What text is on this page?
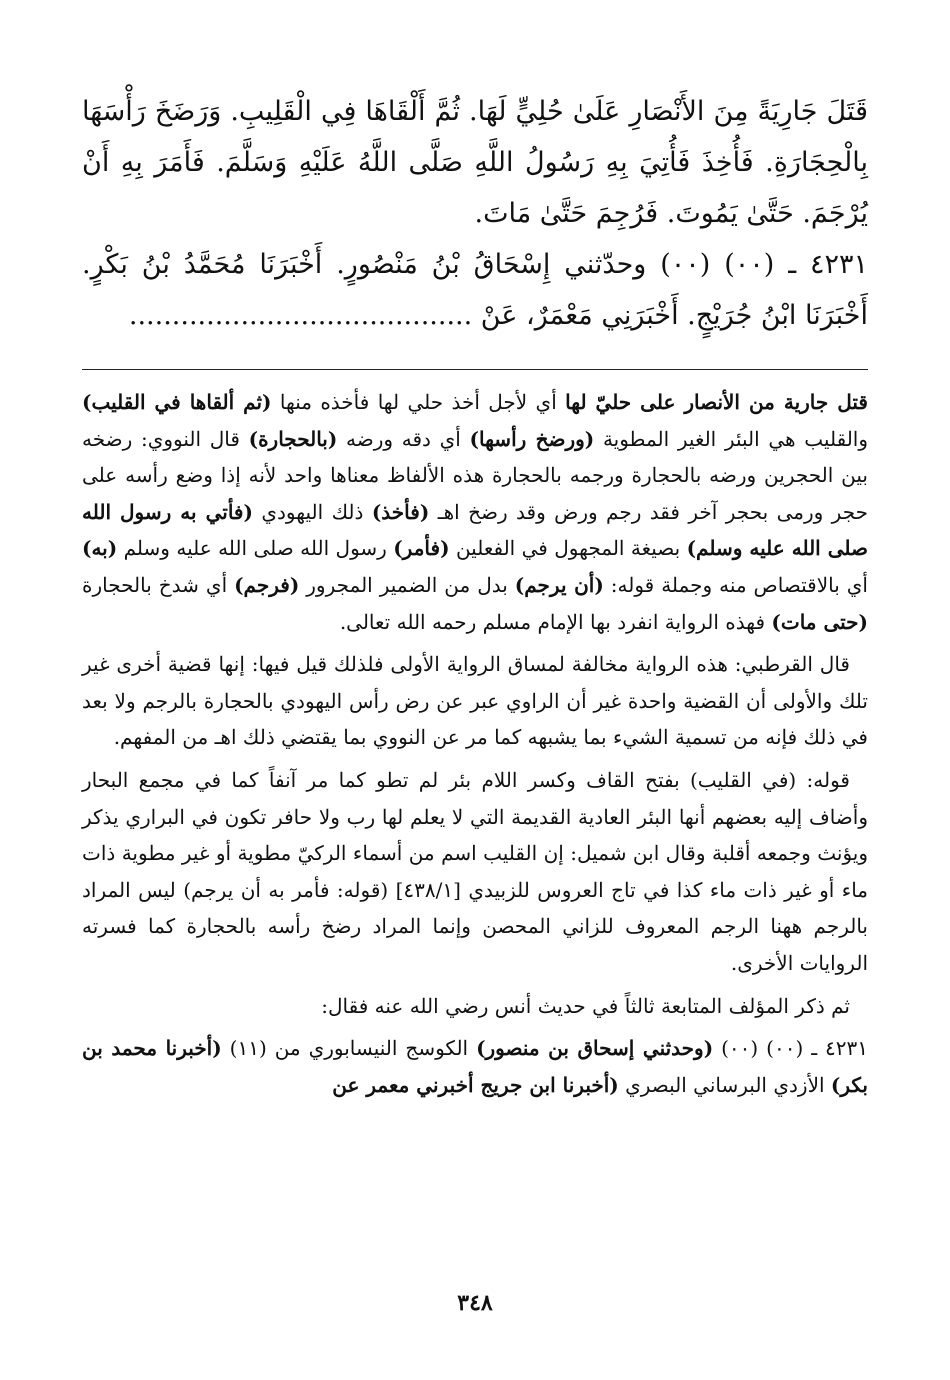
قَتَلَ جَارِيَةً مِنَ الأَنْصَارِ عَلَىٰ حُلِيٍّ لَهَا. ثُمَّ أَلْقَاهَا فِي الْقَلِيبِ. وَرَضَخَ رَأْسَهَا بِالْحِجَارَةِ. فَأُخِذَ فَأُتِيَ بِهِ رَسُولُ اللَّهِ صَلَّى اللَّهُ عَلَيْهِ وَسَلَّمَ. فَأَمَرَ بِهِ أَنْ يُرْجَمَ. حَتَّىٰ يَمُوتَ. فَرُجِمَ حَتَّىٰ مَاتَ.

٤٢٣١ ـ (٠٠) (٠٠) وحدّثني إِسْحَاقُ بْنُ مَنْصُورٍ. أَخْبَرَنَا مُحَمَّدُ بْنُ بَكْرٍ. أَخْبَرَنَا ابْنُ جُرَيْجٍ. أَخْبَرَنِي مَعْمَرٌ، عَنْ ........................................

قتل جارية من الأنصار على حليّ لها أي لأجل أخذ حلي لها فأخذه منها (ثم ألقاها في القليب) والقليب هي البئر الغير المطوية (ورضخ رأسها) أي دقه ورضه (بالحجارة) قال النووي: رضخه بين الحجرين ورضه بالحجارة ورجمه بالحجارة هذه الألفاظ معناها واحد لأنه إذا وضع رأسه على حجر ورمى بحجر آخر فقد رجم ورض وقد رضخ اهـ (فأخذ) ذلك اليهودي (فأتي به رسول الله صلى الله عليه وسلم) بصيغة المجهول في الفعلين (فأمر) رسول الله صلى الله عليه وسلم (به) أي بالاقتصاص منه وجملة قوله: (أن يرجم) بدل من الضمير المجرور (فرجم) أي شدخ بالحجارة (حتى مات) فهذه الرواية انفرد بها الإمام مسلم رحمه الله تعالى.

قال القرطبي: هذه الرواية مخالفة لمساق الرواية الأولى فلذلك قيل فيها: إنها قضية أخرى غير تلك والأولى أن القضية واحدة غير أن الراوي عبر عن رض رأس اليهودي بالحجارة بالرجم ولا بعد في ذلك فإنه من تسمية الشيء بما يشبهه كما مر عن النووي بما يقتضي ذلك اهـ من المفهم.

قوله: (في القليب) بفتح القاف وكسر اللام بئر لم تطو كما مر آنفاً كما في مجمع البحار وأضاف إليه بعضهم أنها البئر العادية القديمة التي لا يعلم لها رب ولا حافر تكون في البراري يذكر ويؤنث وجمعه أقلبة وقال ابن شميل: إن القليب اسم من أسماء الركيّ مطوية أو غير مطوية ذات ماء أو غير ذات ماء كذا في تاج العروس للزبيدي [٤٣٨/١] (قوله: فأمر به أن يرجم) ليس المراد بالرجم ههنا الرجم المعروف للزاني المحصن وإنما المراد رضخ رأسه بالحجارة كما فسرته الروايات الأخرى.

ثم ذكر المؤلف المتابعة ثالثاً في حديث أنس رضي الله عنه فقال:

٤٢٣١ ـ (٠٠) (٠٠) (وحدثني إسحاق بن منصور) الكوسج النيسابوري من (١١) (أخبرنا محمد بن بكر) الأزدي البرساني البصري (أخبرنا ابن جريج أخبرني معمر عن

٣٤٨
